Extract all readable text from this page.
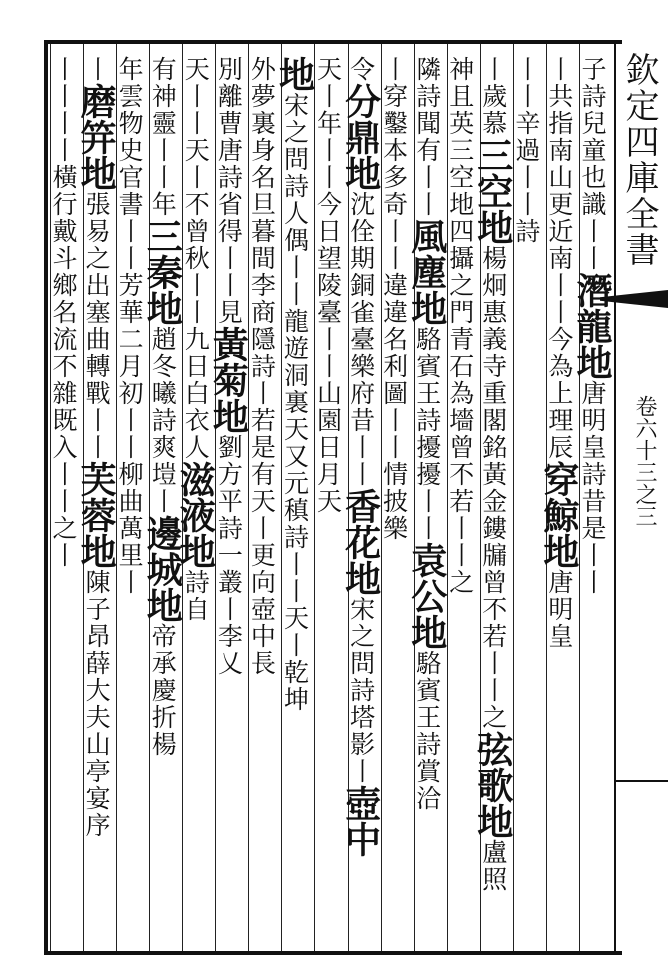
欽定四庫全書
卷六十三之三
子詩兒童也識丨丨潛龍地唐明皇詩昔是丨丨
丨共指南山更近南丨丨今為上理辰穿鯨地唐明皇
丨丨辛過丨丨詩
丨歲慕三空地楊炯惠義寺重閣銘黃金鏤牖曾不若丨丨之弦歌地盧照
神且英三空地四攝之門青石為墻曾不若丨丨之
隣詩聞有丨丨風塵地駱賓王詩擾擾丨丨袁公地駱賓王詩賞洽
丨穿鑿本多奇丨丨違違名利圖丨丨情披樂
令分鼎地沈佺期銅雀臺樂府昔丨丨香花地宋之問詩塔影丨壺中
天丨年丨丨今日望陵臺丨丨山園日月天
地宋之問詩人偶丨丨龍遊洞裏天又元稹詩丨丨天丨乾坤
外夢裏身名旦暮間李商隱詩丨若是有天丨更向壺中長
別離曹唐詩省得丨丨見黃菊地劉方平詩一叢丨李乂
天丨丨天丨不曾秋丨丨九日白衣人滋液地詩自
有神靈丨丨年三秦地趙冬曦詩爽塏丨邊城地帝承慶折楊
年雲物史官書丨丨芳華二月初丨丨柳曲萬里丨
丨磨笄地張易之出塞曲轉戰丨丨芙蓉地陳子昂薛大夫山亭宴序
丨丨丨丨橫行戴斗鄉名流不雜既入丨丨之丨
